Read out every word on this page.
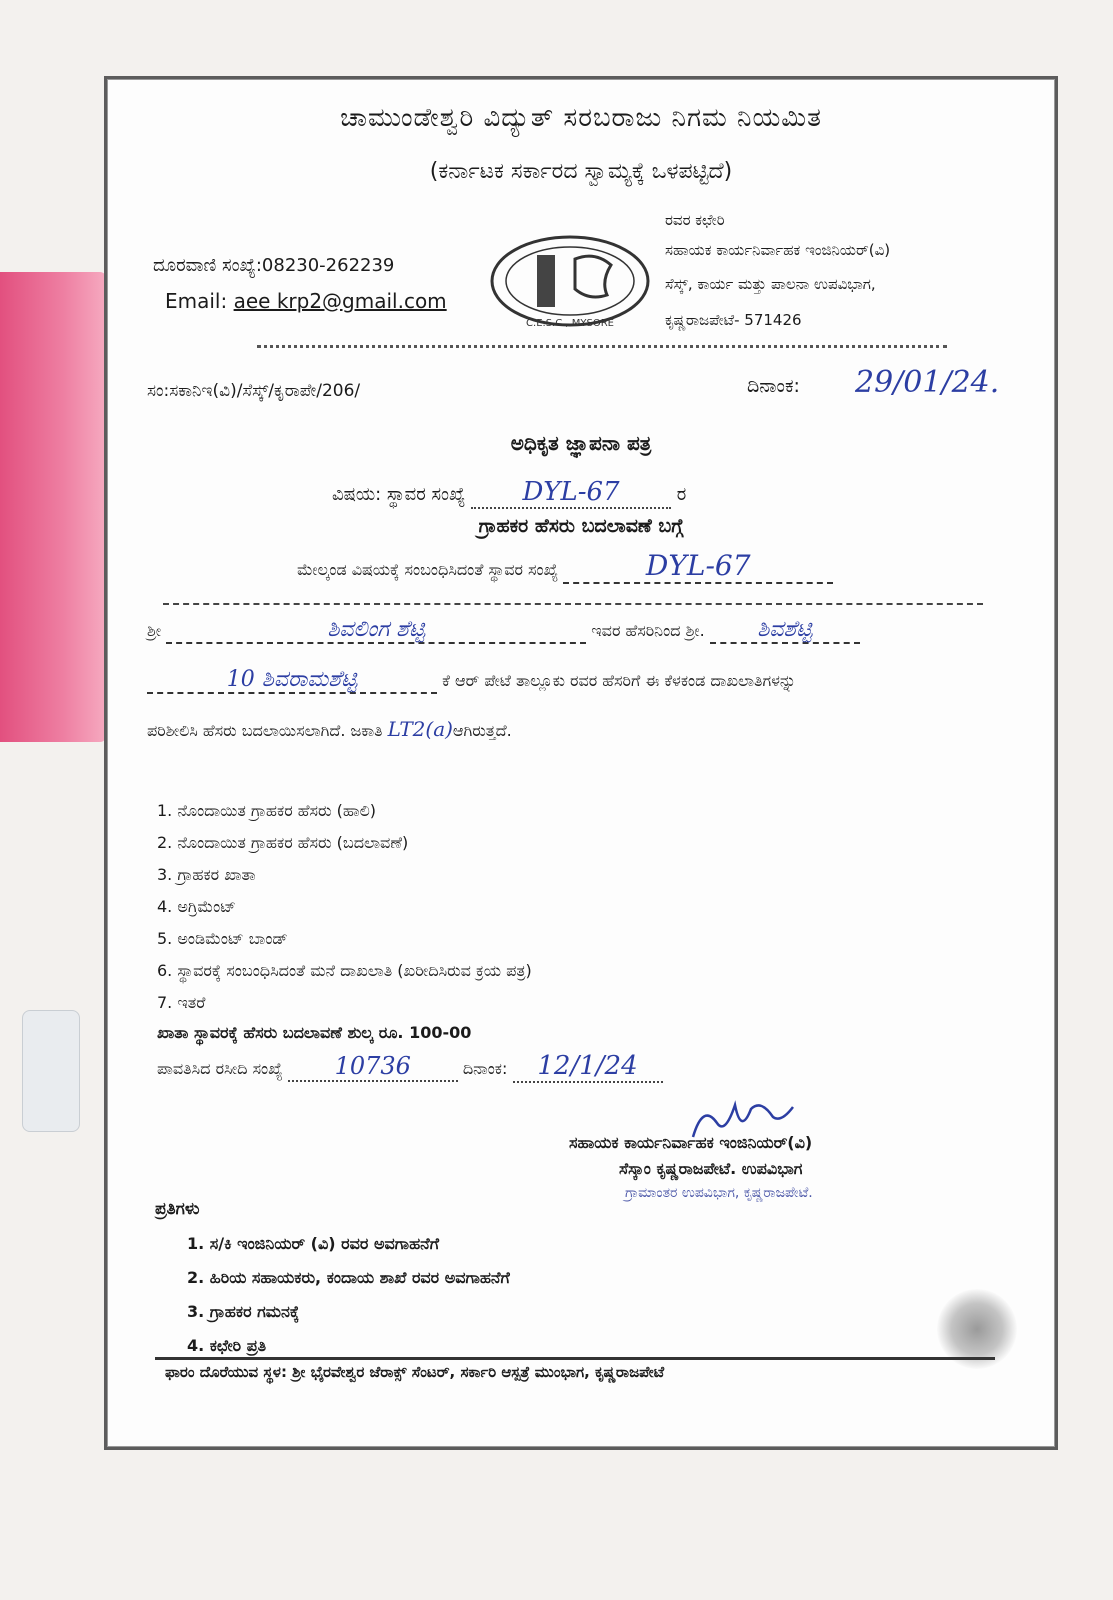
ಚಾಮುಂಡೇಶ್ವರಿ ವಿದ್ಯುತ್ ಸರಬರಾಜು ನಿಗಮ ನಿಯಮಿತ
(ಕರ್ನಾಟಕ ಸರ್ಕಾರದ ಸ್ವಾಮ್ಯಕ್ಕೆ ಒಳಪಟ್ಟಿದೆ)
ದೂರವಾಣಿ ಸಂಖ್ಯೆ:08230-262239
Email: aee krp2@gmail.com
C.E.S.C., MYSORE
ರವರ ಕಛೇರಿ
ಸಹಾಯಕ ಕಾರ್ಯನಿರ್ವಾಹಕ ಇಂಜಿನಿಯರ್(ವಿ)
ಸೆಸ್ಕ್, ಕಾರ್ಯ ಮತ್ತು ಪಾಲನಾ ಉಪವಿಭಾಗ,
ಕೃಷ್ಣರಾಜಪೇಟೆ- 571426
ಸಂ:ಸಕಾನಿಇ(ವಿ)/ಸೆಸ್ಕ್/ಕೃರಾಪೇ/206/	ದಿನಾಂಕ: 29/01/24.
ಅಧಿಕೃತ ಜ್ಞಾಪನಾ ಪತ್ರ
ವಿಷಯ: ಸ್ಥಾವರ ಸಂಖ್ಯೆ DYL-67	ರ
ಗ್ರಾಹಕರ ಹೆಸರು ಬದಲಾವಣೆ ಬಗ್ಗೆ
ಮೇಲ್ಕಂಡ ವಿಷಯಕ್ಕೆ ಸಂಬಂಧಿಸಿದಂತೆ ಸ್ಥಾವರ ಸಂಖ್ಯೆ	DYL-67
ಶ್ರೀ	ಶಿವಲಿಂಗ ಶೆಟ್ಟಿ	ಇವರ ಹೆಸರಿನಿಂದ ಶ್ರೀ. ಶಿವಶೆಟ್ಟಿ
10 ಶಿವರಾಮಶೆಟ್ಟಿ	ಕೆ ಆರ್ ಪೇಟೆ ತಾಲ್ಲೂಕು ರವರ ಹೆಸರಿಗೆ ಈ ಕೆಳಕಂಡ ದಾಖಲಾತಿಗಳನ್ನು
ಪರಿಶೀಲಿಸಿ ಹೆಸರು ಬದಲಾಯಿಸಲಾಗಿದೆ. ಜಕಾತಿ LT2(a)ಆಗಿರುತ್ತದೆ.
1. ನೊಂದಾಯಿತ ಗ್ರಾಹಕರ ಹೆಸರು (ಹಾಲಿ)
2. ನೊಂದಾಯಿತ ಗ್ರಾಹಕರ ಹೆಸರು (ಬದಲಾವಣೆ)
3. ಗ್ರಾಹಕರ ಖಾತಾ
4. ಅಗ್ರಿಮೆಂಟ್
5. ಅಂಡಿಮೆಂಟ್ ಬಾಂಡ್
6. ಸ್ಥಾವರಕ್ಕೆ ಸಂಬಂಧಿಸಿದಂತೆ ಮನೆ ದಾಖಲಾತಿ (ಖರೀದಿಸಿರುವ ಕ್ರಯ ಪತ್ರ)
7. ಇತರೆ
ಖಾತಾ ಸ್ಥಾವರಕ್ಕೆ ಹೆಸರು ಬದಲಾವಣೆ ಶುಲ್ಕ ರೂ. 100-00
ಪಾವತಿಸಿದ ರಸೀದಿ ಸಂಖ್ಯೆ 10736	ದಿನಾಂಕ: 12/1/24
ಸಹಾಯಕ ಕಾರ್ಯನಿರ್ವಾಹಕ ಇಂಜಿನಿಯರ್(ವಿ)
ಸೆಸ್ಕಾಂ ಕೃಷ್ಣರಾಜಪೇಟೆ. ಉಪವಿಭಾಗ
ಗ್ರಾಮಾಂತರ ಉಪವಿಭಾಗ, ಕೃಷ್ಣರಾಜಪೇಟೆ.
ಪ್ರತಿಗಳು
1. ಸ/ಕಿ ಇಂಜಿನಿಯರ್ (ವಿ) ರವರ ಅವಗಾಹನೆಗೆ
2. ಹಿರಿಯ ಸಹಾಯಕರು, ಕಂದಾಯ ಶಾಖೆ ರವರ ಅವಗಾಹನೆಗೆ
3. ಗ್ರಾಹಕರ ಗಮನಕ್ಕೆ
4. ಕಛೇರಿ ಪ್ರತಿ
ಫಾರಂ ದೊರೆಯುವ ಸ್ಥಳ: ಶ್ರೀ ಭೈರವೇಶ್ವರ ಜೆರಾಕ್ಸ್ ಸೆಂಟರ್, ಸರ್ಕಾರಿ ಆಸ್ಪತ್ರೆ ಮುಂಭಾಗ, ಕೃಷ್ಣರಾಜಪೇಟೆ
